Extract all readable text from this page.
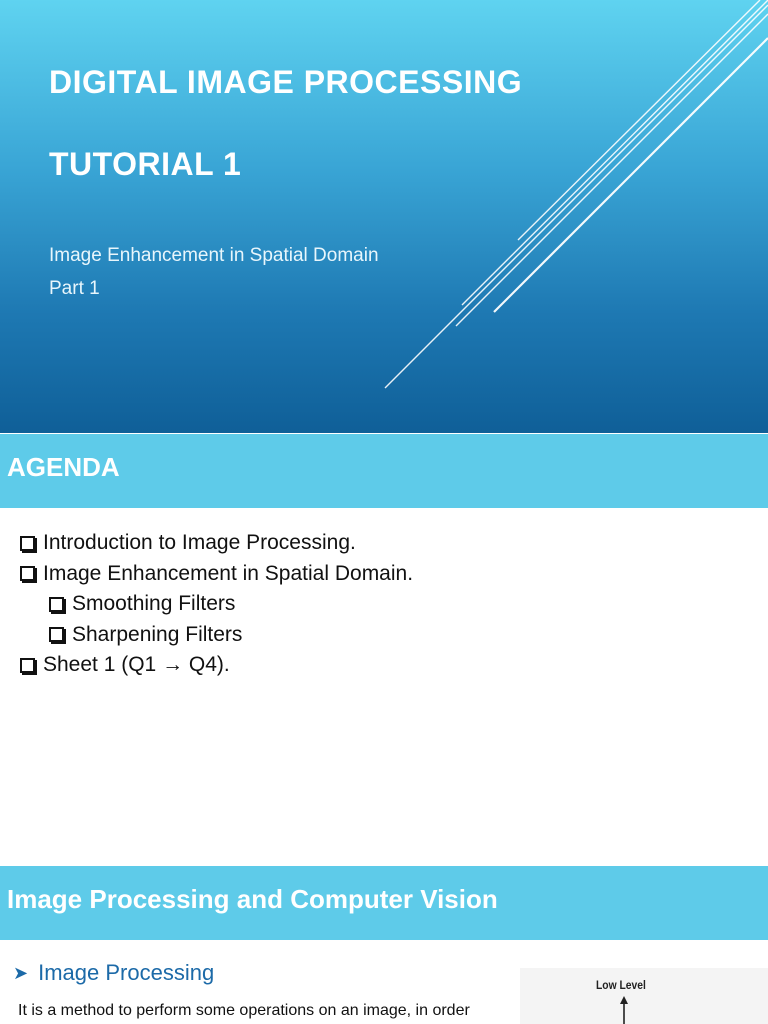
DIGITAL IMAGE PROCESSING
TUTORIAL 1
Image Enhancement in Spatial Domain
Part 1
AGENDA
Introduction to Image Processing.
Image Enhancement in Spatial Domain.
Smoothing Filters
Sharpening Filters
Sheet 1 (Q1 → Q4).
Image Processing and Computer Vision
➤ Image Processing
It is a method to perform some operations on an image, in order
Low Level
